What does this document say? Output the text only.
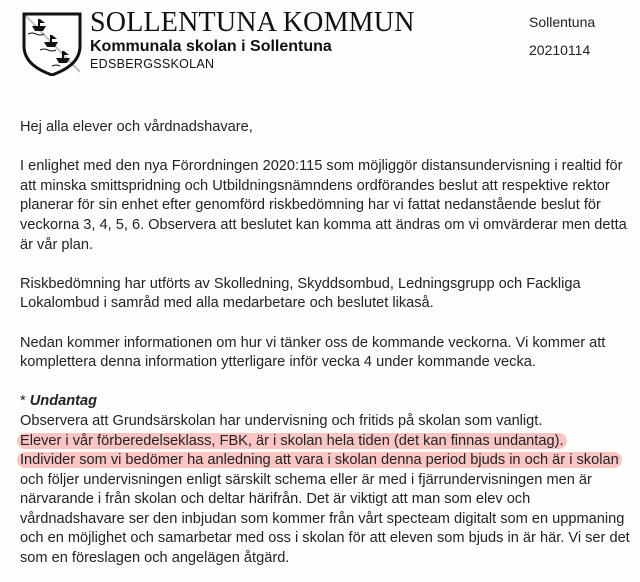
SOLLENTUNA KOMMUN
Kommunala skolan i Sollentuna
EDSBERGSSKOLAN
Sollentuna
20210114

Hej alla elever och vårdnadshavare,

I enlighet med den nya Förordningen 2020:115 som möjliggör distansundervisning i realtid för att minska smittspridning och Utbildningsnämndens ordförandes beslut att respektive rektor planerar för sin enhet efter genomförd riskbedömning har vi fattat nedanstående beslut för veckorna 3, 4, 5, 6. Observera att beslutet kan komma att ändras om vi omvärderar men detta är vår plan.

Riskbedömning har utförts av Skolledning, Skyddsombud, Ledningsgrupp och Fackliga Lokalombud i samråd med alla medarbetare och beslutet likaså.

Nedan kommer informationen om hur vi tänker oss de kommande veckorna. Vi kommer att komplettera denna information ytterligare inför vecka 4 under kommande vecka.

* Undantag

Observera att Grundsärskolan har undervisning och fritids på skolan som vanligt.

Elever i vår förberedelseklass, FBK, är i skolan hela tiden (det kan finnas undantag).

Individer som vi bedömer ha anledning att vara i skolan denna period bjuds in och är i skolan

och följer undervisningen enligt särskilt schema eller är med i fjärrundervisningen men är närvarande i från skolan och deltar härifrån. Det är viktigt att man som elev och vårdnadshavare ser den inbjudan som kommer från vårt specteam digitalt som en uppmaning och en möjlighet och samarbetar med oss i skolan för att eleven som bjuds in är här. Vi ser det som en föreslagen och angelägen åtgärd.
